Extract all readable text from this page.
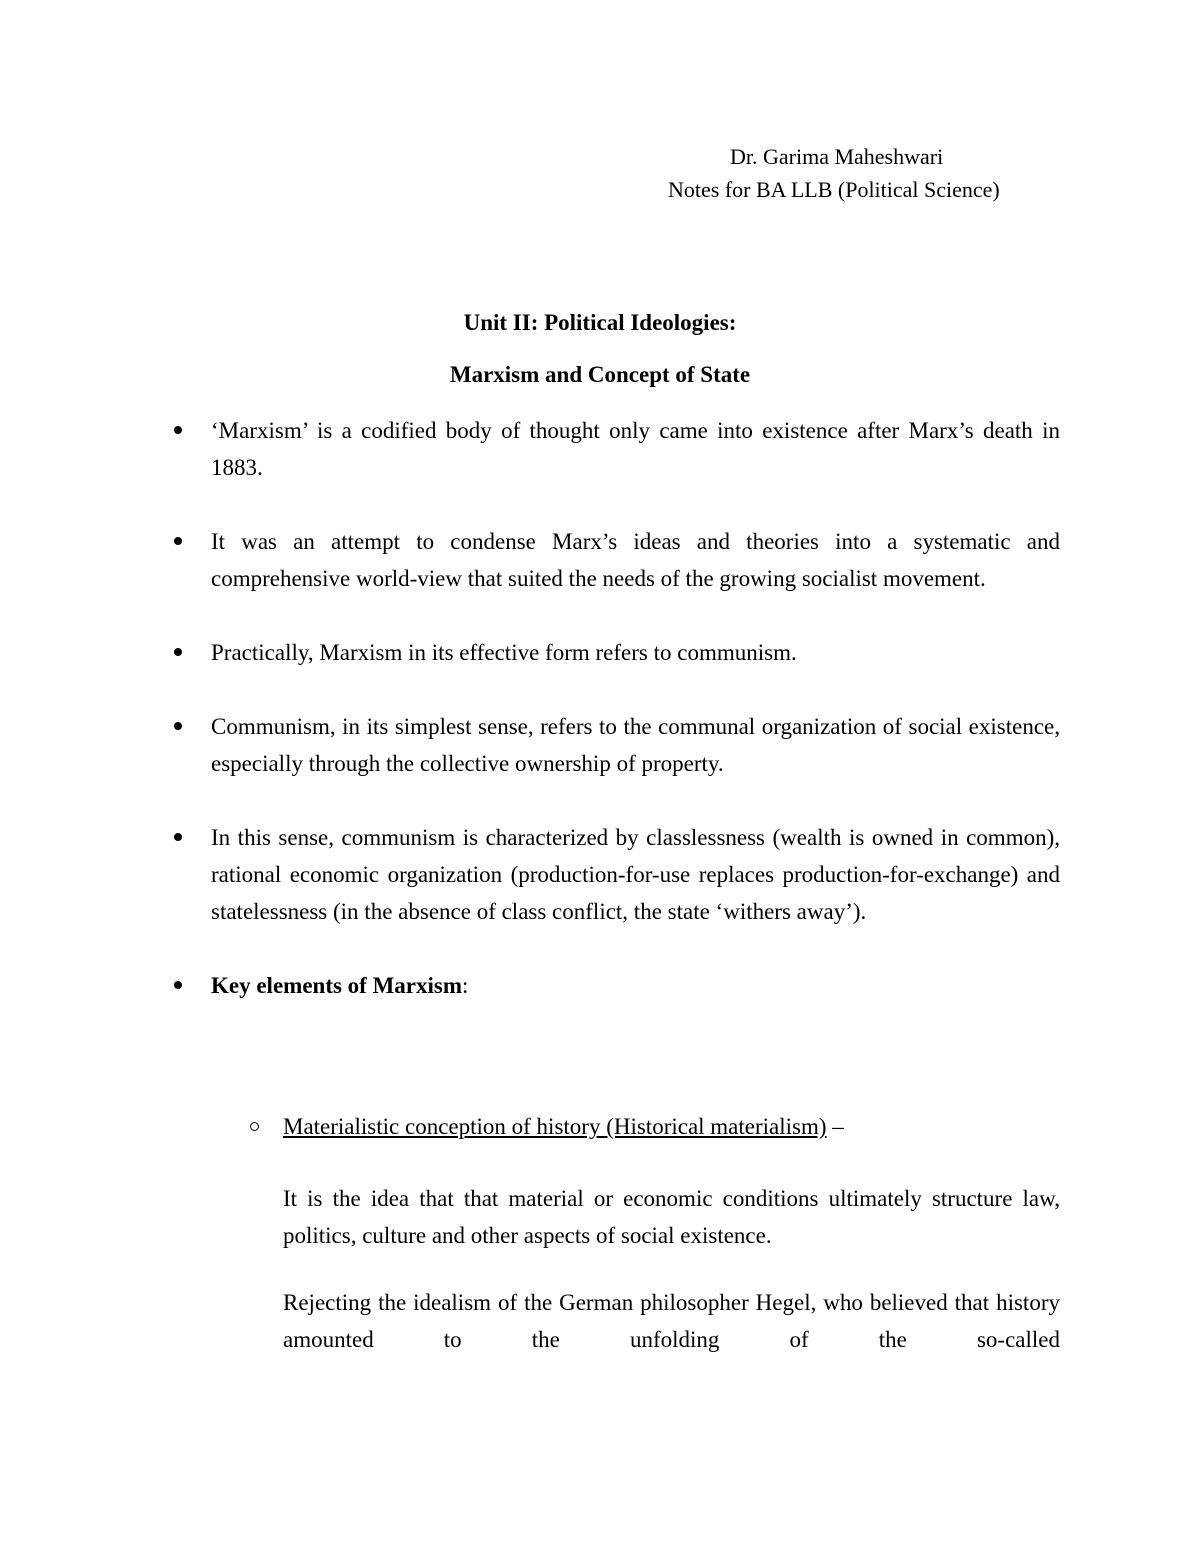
Dr. Garima Maheshwari
Notes for BA LLB (Political Science)
Unit II: Political Ideologies:
Marxism and Concept of State
‘Marxism’ is a codified body of thought only came into existence after Marx’s death in 1883.
It was an attempt to condense Marx’s ideas and theories into a systematic and comprehensive world-view that suited the needs of the growing socialist movement.
Practically, Marxism in its effective form refers to communism.
Communism, in its simplest sense, refers to the communal organization of social existence, especially through the collective ownership of property.
In this sense, communism is characterized by classlessness (wealth is owned in common), rational economic organization (production-for-use replaces production-for-exchange) and statelessness (in the absence of class conflict, the state ‘withers away’).
Key elements of Marxism:
Materialistic conception of history (Historical materialism) –
It is the idea that that material or economic conditions ultimately structure law, politics, culture and other aspects of social existence.
Rejecting the idealism of the German philosopher Hegel, who believed that history amounted to the unfolding of the so-called
